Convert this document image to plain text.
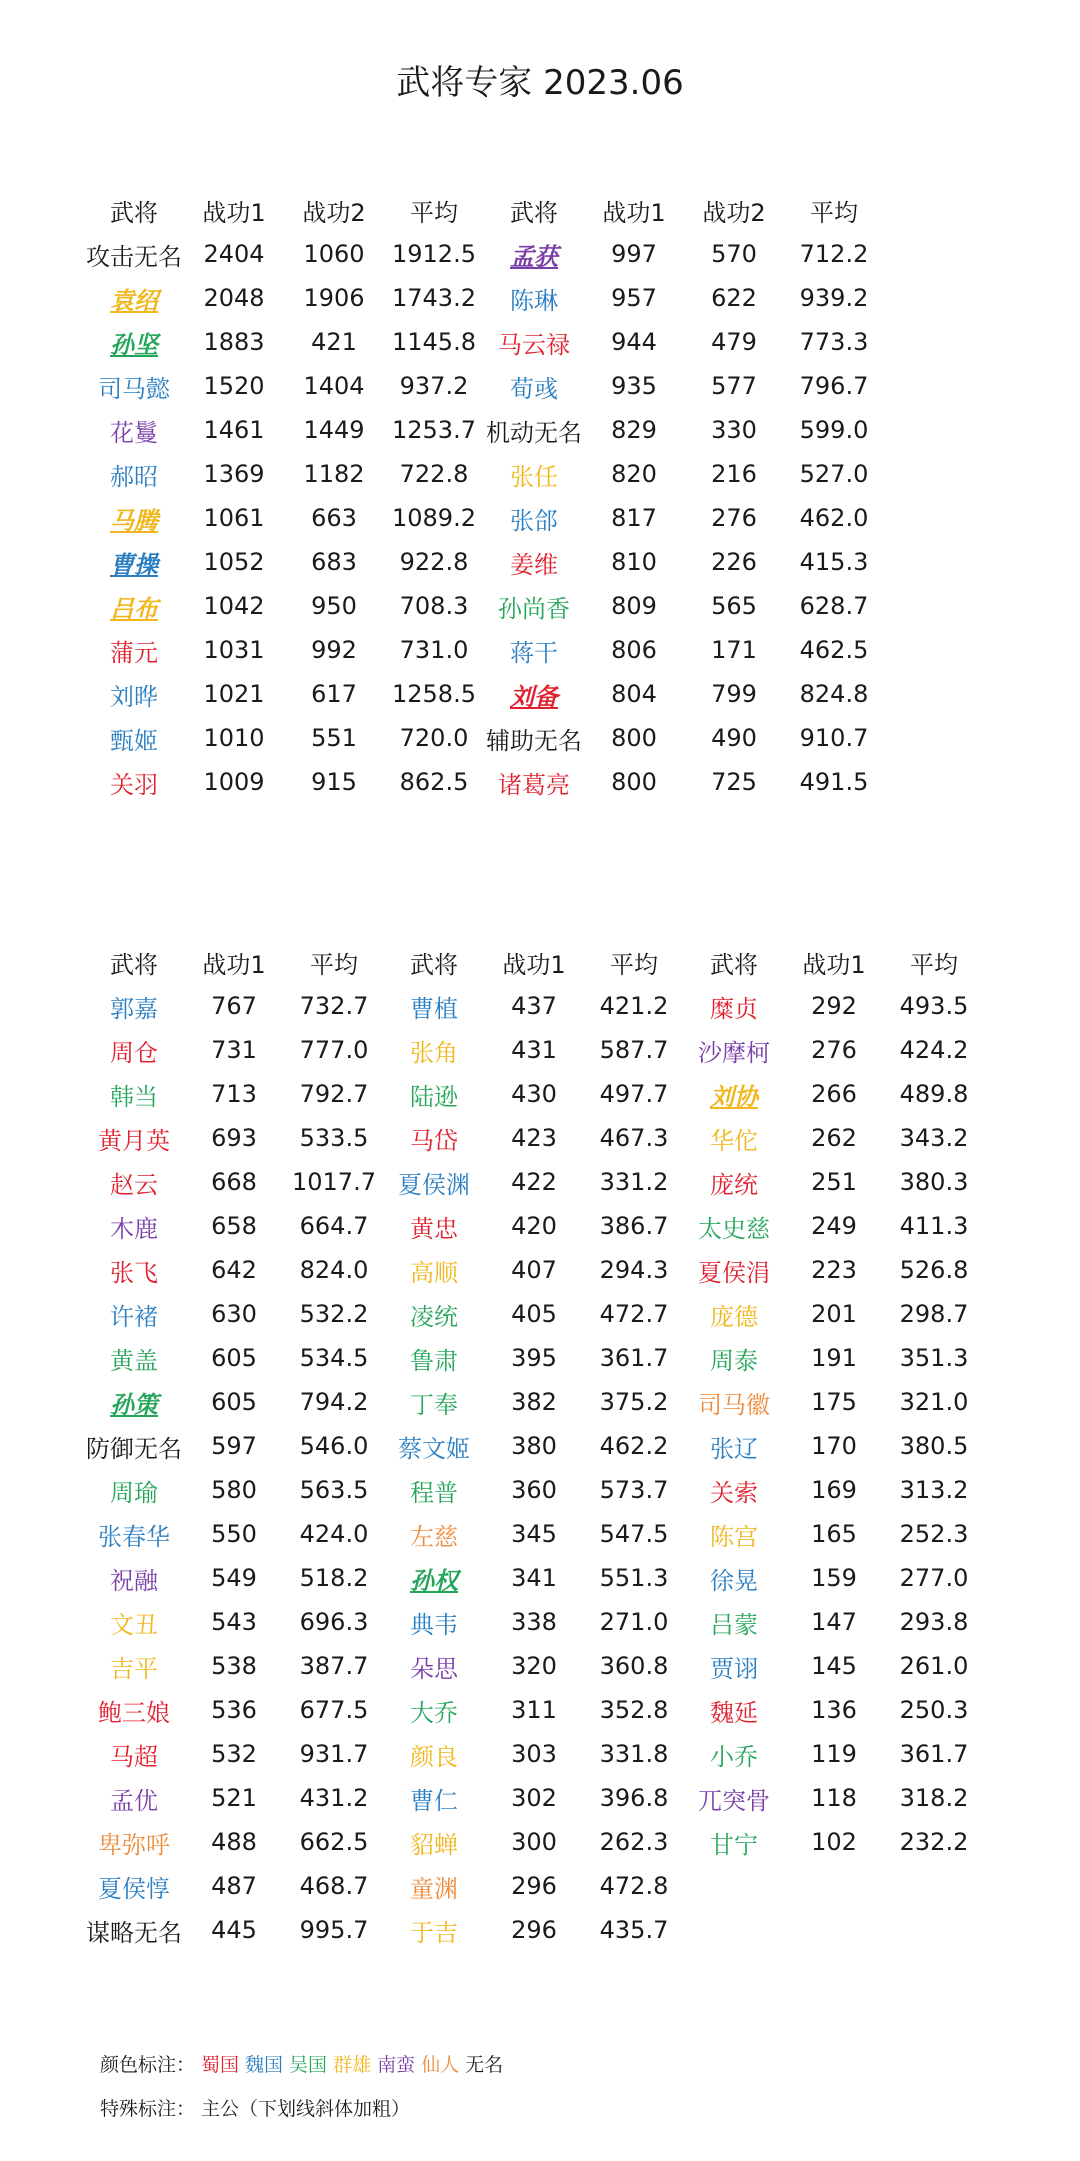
武将专家 2023.06
武将	战功1	战功2	平均	武将	战功1	战功2	平均
攻击无名	2404	1060	1912.5	孟获	997	570	712.2
袁绍	2048	1906	1743.2	陈琳	957	622	939.2
孙坚	1883	421	1145.8	马云禄	944	479	773.3
司马懿	1520	1404	937.2	荀彧	935	577	796.7
花鬘	1461	1449	1253.7	机动无名	829	330	599.0
郝昭	1369	1182	722.8	张任	820	216	527.0
马腾	1061	663	1089.2	张郃	817	276	462.0
曹操	1052	683	922.8	姜维	810	226	415.3
吕布	1042	950	708.3	孙尚香	809	565	628.7
蒲元	1031	992	731.0	蒋干	806	171	462.5
刘晔	1021	617	1258.5	刘备	804	799	824.8
甄姬	1010	551	720.0	辅助无名	800	490	910.7
关羽	1009	915	862.5	诸葛亮	800	725	491.5
武将	战功1	平均	武将	战功1	平均	武将	战功1	平均
郭嘉	767	732.7	曹植	437	421.2	糜贞	292	493.5
周仓	731	777.0	张角	431	587.7	沙摩柯	276	424.2
韩当	713	792.7	陆逊	430	497.7	刘协	266	489.8
黄月英	693	533.5	马岱	423	467.3	华佗	262	343.2
赵云	668	1017.7	夏侯渊	422	331.2	庞统	251	380.3
木鹿	658	664.7	黄忠	420	386.7	太史慈	249	411.3
张飞	642	824.0	高顺	407	294.3	夏侯涓	223	526.8
许褚	630	532.2	凌统	405	472.7	庞德	201	298.7
黄盖	605	534.5	鲁肃	395	361.7	周泰	191	351.3
孙策	605	794.2	丁奉	382	375.2	司马徽	175	321.0
防御无名	597	546.0	蔡文姬	380	462.2	张辽	170	380.5
周瑜	580	563.5	程普	360	573.7	关索	169	313.2
张春华	550	424.0	左慈	345	547.5	陈宫	165	252.3
祝融	549	518.2	孙权	341	551.3	徐晃	159	277.0
文丑	543	696.3	典韦	338	271.0	吕蒙	147	293.8
吉平	538	387.7	朵思	320	360.8	贾诩	145	261.0
鲍三娘	536	677.5	大乔	311	352.8	魏延	136	250.3
马超	532	931.7	颜良	303	331.8	小乔	119	361.7
孟优	521	431.2	曹仁	302	396.8	兀突骨	118	318.2
卑弥呼	488	662.5	貂蝉	300	262.3	甘宁	102	232.2
夏侯惇	487	468.7	童渊	296	472.8			
谋略无名	445	995.7	于吉	296	435.7			
颜色标注： 蜀国 魏国 吴国 群雄 南蛮 仙人 无名
特殊标注： 主公（下划线斜体加粗）
